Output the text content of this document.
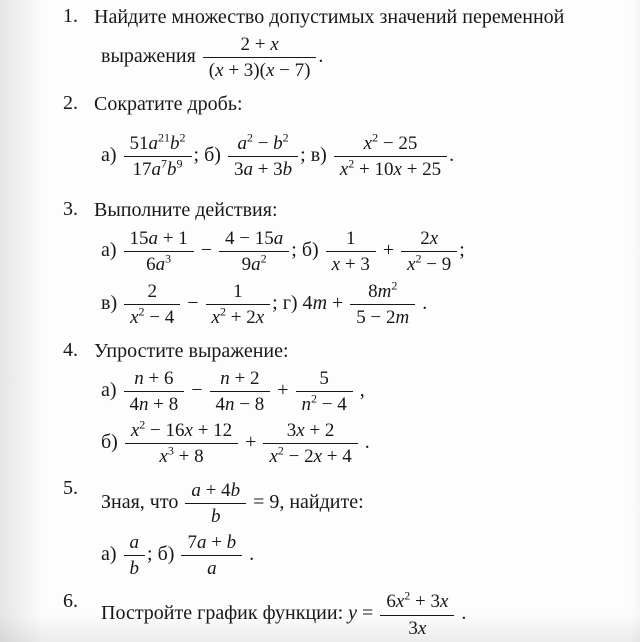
1. Найдите множество допустимых значений переменной
выражения $\frac{2 + x}{(x + 3)(x - 7)}$ .
2. Сократите дробь:
$а) \frac{51a^{21}b^2}{17a^7b^9}$ ; $б) \frac{a^2 - b^2}{3a + 3b}$ ; $в) \frac{x^2 - 25}{x^2 + 10x + 25}$ .
3. Выполните действия:
$а) \frac{15a + 1}{6a^3} - \frac{4 - 15a}{9a^2}$ ; $б) \frac{1}{x + 3} + \frac{2x}{x^2 - 9}$ ;
$в) \frac{2}{x^2 - 4} - \frac{1}{x^2 + 2x}$ ; г) $4m + \frac{8m^2}{5 - 2m}$ .
4. Упростите выражение:
$а) \frac{n + 6}{4n + 8} - \frac{n + 2}{4n - 8} + \frac{5}{n^2 - 4}$ ,
$б) \frac{x^2 - 16x + 12}{x^3 + 8} + \frac{3x + 2}{x^2 - 2x + 4}$ .
5.
Зная, что $\frac{a + 4b}{b} = 9$, найдите:
$а) \frac{a}{b}$ ; $б) \frac{7a + b}{a}$ .
6.
Постройте график функции: $y = \frac{6x^2 + 3x}{3x}$ .
